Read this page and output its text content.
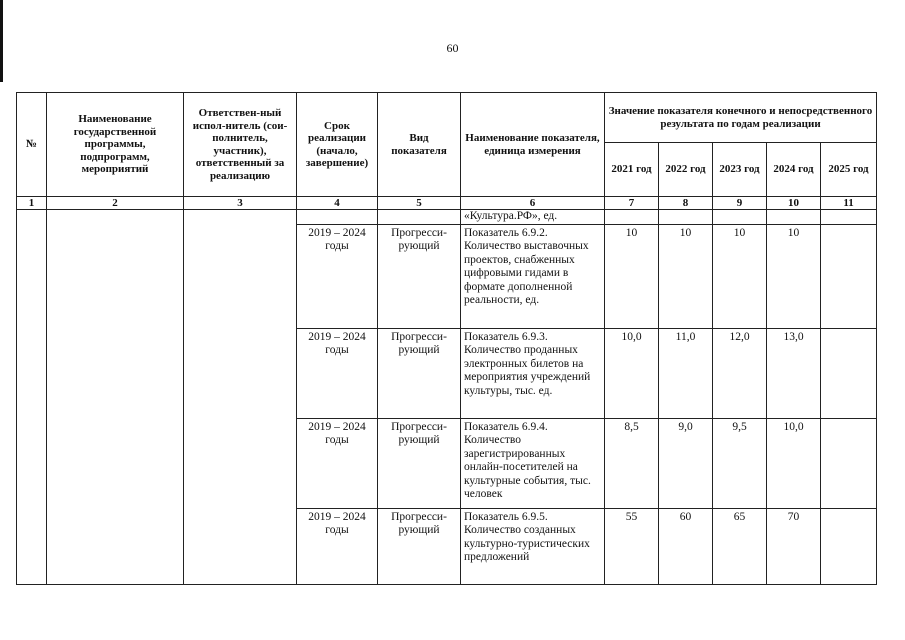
60
№	Наименование государственной программы, подпрограмм, мероприятий	Ответствен-ный испол-нитель (сои-полнитель, участник), ответственный за реализацию	Срок реализации (начало, завершение)	Вид показателя	Наименование показателя, единица измерения	Значение показателя конечного и непосредственного результата по годам реализации				
						2021 год	2022 год	2023 год	2024 год	2025 год
1	2	3	4	5	6	7	8	9	10	11
					«Культура.РФ», ед.					
			2019 – 2024 годы	Прогресси-рующий	Показатель 6.9.2. Количество выставочных проектов, снабженных цифровыми гидами в формате дополненной реальности, ед.	10	10	10	10	
			2019 – 2024 годы	Прогресси-рующий	Показатель 6.9.3. Количество проданных электронных билетов на мероприятия учреждений культуры, тыс. ед.	10,0	11,0	12,0	13,0	
			2019 – 2024 годы	Прогресси-рующий	Показатель 6.9.4. Количество зарегистрированных онлайн-посетителей на культурные события, тыс. человек	8,5	9,0	9,5	10,0	
			2019 – 2024 годы	Прогресси-рующий	Показатель 6.9.5. Количество созданных культурно-туристических предложений	55	60	65	70	
